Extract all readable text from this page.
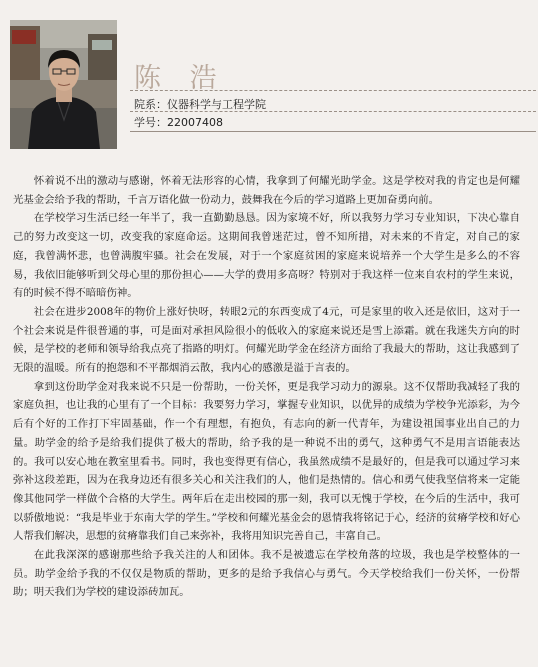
陈 浩
院系：仪器科学与工程学院
学号：22007408

怀着说不出的激动与感谢，怀着无法形容的心情，我拿到了何耀光助学金。这是学校对我的肯定也是何耀光基金会给予我的帮助，千言万语化做一份动力，鼓舞我在今后的学习道路上更加奋勇向前。

在学校学习生活已经一年半了，我一直勤勤恳恳。因为家境不好，所以我努力学习专业知识，下决心靠自己的努力改变这一切，改变我的家庭命运。这期间我曾迷茫过，曾不知所措，对未来的不肯定，对自己的家庭，我曾满怀悲，也曾满腹牢骚。社会在发展，对于一个家庭贫困的家庭来说培养一个大学生是多么的不容易，我依旧能够听到父母心里的那份担心——大学的费用多高呀？特别对于我这样一位来自农村的学生来说，有的时候不得不暗暗伤神。

社会在进步2008年的物价上涨好快呀，转眼2元的东西变成了4元，可是家里的收入还是依旧，这对于一个社会来说是件很普通的事，可是面对承担风险很小的低收入的家庭来说还是雪上添霜。就在我迷失方向的时候，是学校的老师和领导给我点亮了指路的明灯。何耀光助学金在经济方面给了我最大的帮助，这让我感到了无限的温暖。所有的抱怨和不平都烟消云散，我内心的感激是溢于言表的。

拿到这份助学金对我来说不只是一份帮助，一份关怀，更是我学习动力的源泉。这不仅帮助我减轻了我的家庭负担，也让我的心里有了一个目标：我要努力学习，掌握专业知识，以优异的成绩为学校争光添彩，为今后有个好的工作打下牢固基础，作一个有理想，有抱负，有志向的新一代青年，为建设祖国事业出自己的力量。助学金的给予是给我们提供了极大的帮助，给予我的是一种说不出的勇气，这种勇气不是用言语能表达的。我可以安心地在教室里看书。同时，我也变得更有信心，我虽然成绩不是最好的，但是我可以通过学习来弥补这段差距，因为在我身边还有很多关心和关注我们的人，他们是热情的。信心和勇气使我坚信将来一定能像其他同学一样做个合格的大学生。两年后在走出校园的那一刻，我可以无愧于学校，在今后的生活中，我可以骄傲地说：“我是毕业于东南大学的学生。”学校和何耀光基金会的恩情我将铭记于心，经济的贫瘠学校和好心人帮我们解决，思想的贫瘠靠我们自己来弥补，我将用知识完善自己，丰富自己。

在此我深深的感谢那些给予我关注的人和团体。我不是被遗忘在学校角落的垃圾，我也是学校整体的一员。助学金给予我的不仅仅是物质的帮助，更多的是给予我信心与勇气。今天学校给我们一份关怀，一份帮助；明天我们为学校的建设添砖加瓦。
